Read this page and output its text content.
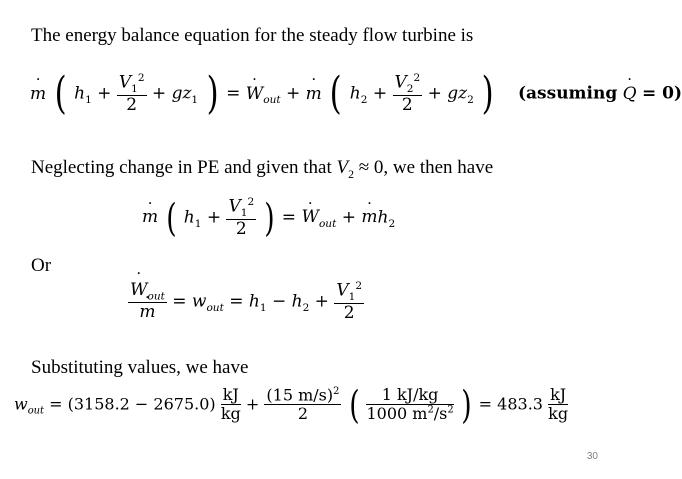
The energy balance equation for the steady flow turbine is
m ˙ ( $h_1 + \frac{V_1^2}{2} + gz_1$ ) = W $˙_{out} + m$ ˙ ( $h_2 + \frac{V_2^2}{2} + gz_2$ ) (assuming Q ˙ = 0)
Neglecting change in PE and given that $V_2 \approx 0$, we then have
m ˙ ( $h_1 + \frac{V_1^2}{2}$ ) = W $˙_{out} + m$ $˙h_2$
Or
$\frac{W ˙_{out}}{m}$ ˙ = $w_{out} = h_1 - h_2 + \frac{V_1^2}{2}$
Substituting values, we have
$w_{out} = (3158.2 - 2675.0) \frac{kJ}{kg} + \frac{(15 m/s)^2}{2}$ ( $\frac{1 kJ/kg}{1000 m^2/s^2}$ ) = $483.3 \frac{kJ}{kg}$
30
